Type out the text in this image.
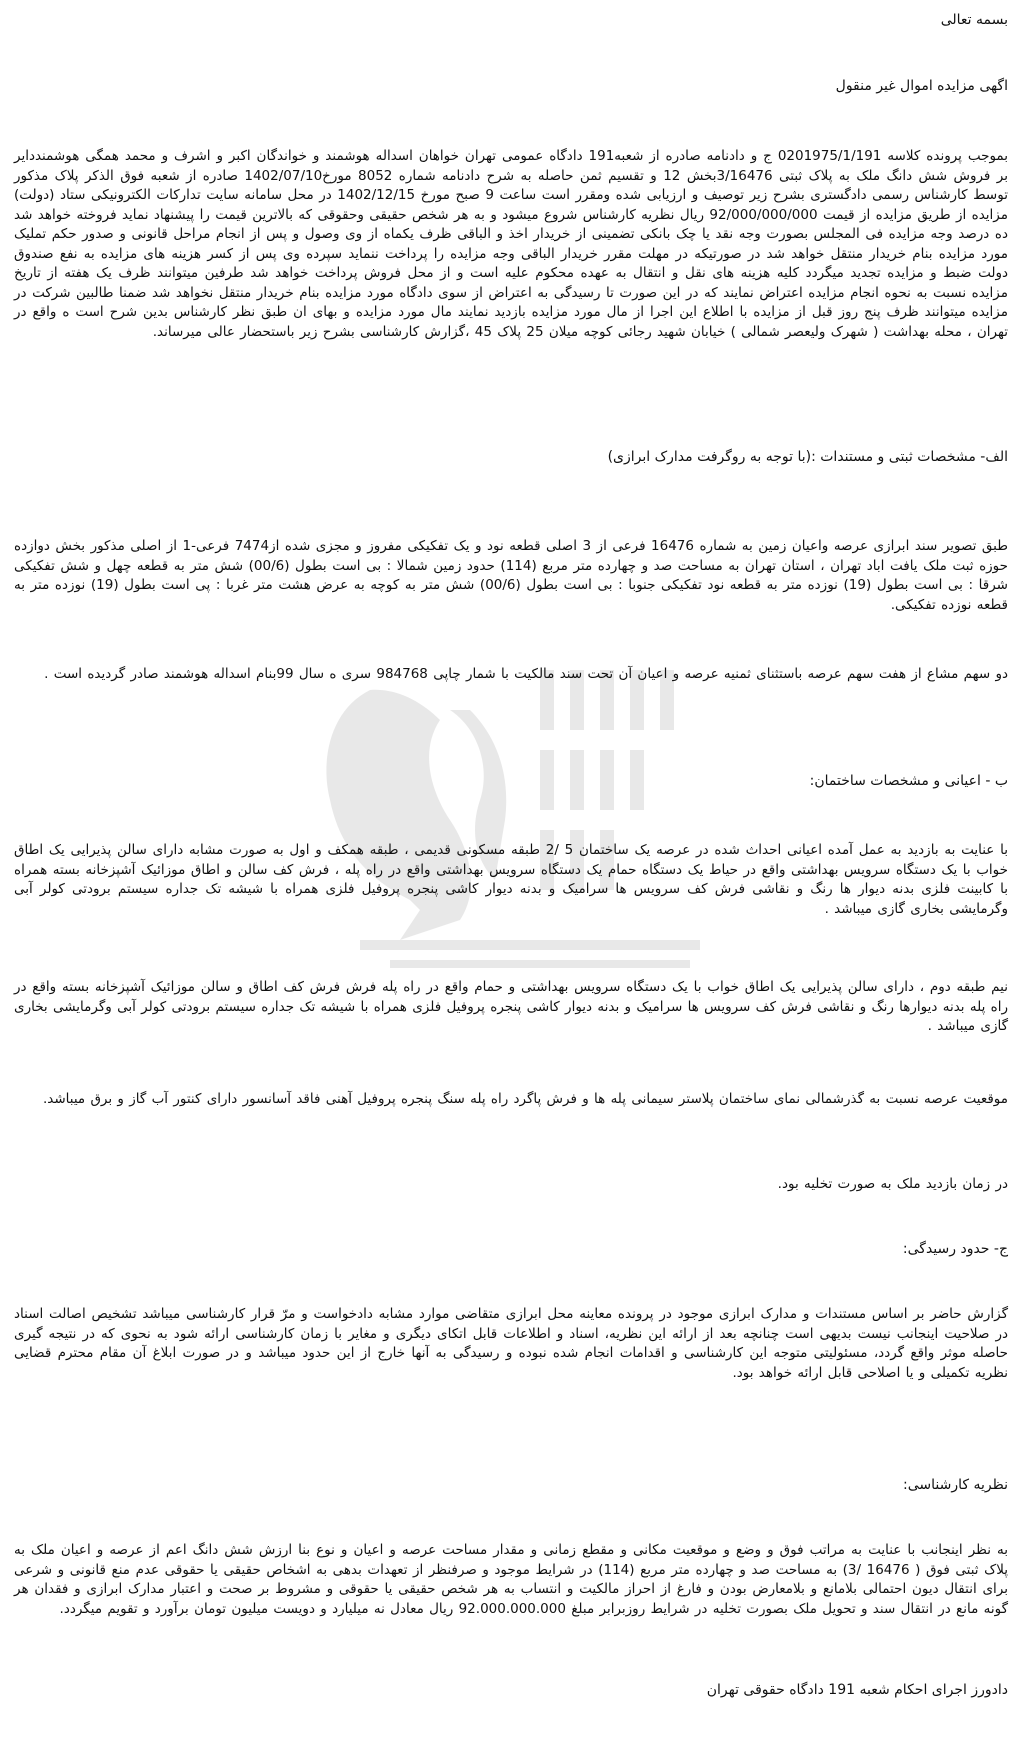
بسمه تعالی
اگهی مزایده اموال غیر منقول
بموجب پرونده کلاسه 0201975/1/191 ج و دادنامه صادره از شعبه191 دادگاه عمومی تهران خواهان اسداله هوشمند و خواندگان اکبر و اشرف و محمد همگی هوشمنددایر بر فروش شش دانگ ملک به پلاک ثبتی 3/16476بخش 12 و تقسیم ثمن حاصله به شرح دادنامه شماره 8052 مورخ1402/07/10 صادره از شعبه فوق الذکر پلاک مذکور توسط کارشناس رسمی دادگستری بشرح زیر توصیف و ارزیابی شده ومقرر است ساعت 9 صبح مورخ 1402/12/15 در محل سامانه سایت تدارکات الکترونیکی ستاد (دولت) مزایده از طریق مزایده از قیمت 92/000/000/000 ریال نظریه کارشناس شروع میشود و به هر شخص حقیقی وحقوقی که بالاترین قیمت را پیشنهاد نماید فروخته خواهد شد ده درصد وجه مزایده فی المجلس بصورت وجه نقد یا چک بانکی تضمینی از خریدار اخذ و الباقی ظرف یکماه از وی وصول و پس از انجام مراحل قانونی و صدور حکم تملیک مورد مزایده بنام خریدار منتقل خواهد شد در صورتیکه در مهلت مقرر خریدار الباقی وجه مزایده را پرداخت ننماید سپرده وی پس از کسر هزینه های مزایده به نفع صندوق دولت ضبط و مزایده تجدید میگردد کلیه هزینه های نقل و انتقال به عهده محکوم علیه است و از محل فروش پرداخت خواهد شد طرفین میتوانند ظرف یک هفته از تاریخ مزایده نسبت به نحوه انجام مزایده اعتراض نمایند که در این صورت تا رسیدگی به اعتراض از سوی دادگاه مورد مزایده بنام خریدار منتقل نخواهد شد ضمنا طالبین شرکت در مزایده میتوانند ظرف پنج روز قبل از مزایده با اطلاع این اجرا از مال مورد مزایده بازدید نمایند مال مورد مزایده و بهای ان طبق نظر کارشناس بدین شرح است ه واقع در تهران ، محله بهداشت ( شهرک ولیعصر شمالی ) خیابان شهید رجائی کوچه میلان 25 پلاک 45 ،گزارش کارشناسی بشرح زیر باستحضار عالی میرساند.
الف- مشخصات ثبتی و مستندات :(با توجه به روگرفت مدارک ابرازی)
طبق تصویر سند ابرازی عرصه واعیان زمین به شماره 16476 فرعی از 3 اصلی قطعه نود و یک تفکیکی مفروز و مجزی شده از7474 فرعی-1 از اصلی مذکور بخش دوازده حوزه ثبت ملک یافت اباد تهران ، استان تهران به مساحت صد و چهارده متر مربع (114) حدود زمین شمالا : بی است بطول (00/6) شش متر به قطعه چهل و شش تفکیکی شرقا : بی است بطول (19) نوزده متر به قطعه نود تفکیکی جنوبا : بی است بطول (00/6) شش متر به کوچه به عرض هشت متر غربا : پی است بطول (19) نوزده متر به قطعه نوزده تفکیکی.
دو سهم مشاع از هفت سهم عرصه باستثنای ثمنیه عرصه و اعیان آن تحت سند مالکیت با شمار چاپی 984768 سری ه سال 99بنام اسداله هوشمند صادر گردیده است .
ب - اعیانی و مشخصات ساختمان:
با عنایت به بازدید به عمل آمده اعیانی احداث شده در عرصه یک ساختمان 5 /2 طبقه مسکونی قدیمی ، طبقه همکف و اول به صورت مشابه دارای سالن پذیرایی یک اطاق خواب با یک دستگاه سرویس بهداشتی واقع در حیاط یک دستگاه حمام یک دستگاه سرویس بهداشتی واقع در راه پله ، فرش کف سالن و اطاق موزائیک آشپزخانه بسته همراه با کابینت فلزی بدنه دیوار ها رنگ و نقاشی فرش کف سرویس ها سرامیک و بدنه دیوار کاشی پنجره پروفیل فلزی همراه با شیشه تک جداره سیستم برودتی کولر آبی وگرمایشی بخاری گازی میباشد .
نیم طبقه دوم ، دارای سالن پذیرایی یک اطاق خواب با یک دستگاه سرویس بهداشتی و حمام واقع در راه پله فرش فرش کف اطاق و سالن موزائیک آشپزخانه بسته واقع در راه پله بدنه دیوارها رنگ و نقاشی فرش کف سرویس ها سرامیک و بدنه دیوار کاشی پنجره پروفیل فلزی همراه با شیشه تک جداره سیستم برودتی کولر آبی وگرمایشی بخاری گازی میباشد .
موقعیت عرصه نسبت به گذرشمالی نمای ساختمان پلاستر سیمانی پله ها و فرش پاگرد راه پله سنگ پنجره پروفیل آهنی فاقد آسانسور دارای کنتور آب گاز و برق میباشد.
در زمان بازدید ملک به صورت تخلیه بود.
ج- حدود رسیدگی:
گزارش حاضر بر اساس مستندات و مدارک ابرازی موجود در پرونده معاینه محل ابرازی متقاضی موارد مشابه دادخواست و مرّ قرار کارشناسی میباشد تشخیص اصالت اسناد در صلاحیت اینجانب نیست بدیهی است چنانچه بعد از ارائه این نظریه، اسناد و اطلاعات قابل اتکای دیگری و مغایر با زمان کارشناسی ارائه شود به نحوی که در نتیجه گیری حاصله موثر واقع گردد، مسئولیتی متوجه این کارشناسی و اقدامات انجام شده نبوده و رسیدگی به آنها خارج از این حدود میباشد و در صورت ابلاغ آن مقام محترم قضایی نظریه تکمیلی و یا اصلاحی قابل ارائه خواهد بود.
نظریه کارشناسی:
به نظر اینجانب با عنایت به مراتب فوق و وضع و موقعیت مکانی و مقطع زمانی و مقدار مساحت عرصه و اعیان و نوع بنا ارزش شش دانگ اعم از عرصه و اعیان ملک به پلاک ثبتی فوق ( 16476 /3) به مساحت صد و چهارده متر مربع (114) در شرایط موجود و صرفنظر از تعهدات بدهی به اشخاص حقیقی یا حقوقی عدم منع قانونی و شرعی برای انتقال دیون احتمالی بلامانع و بلامعارض بودن و فارغ از احراز مالکیت و انتساب به هر شخص حقیقی یا حقوقی و مشروط بر صحت و اعتبار مدارک ابرازی و فقدان هر گونه مانع در انتقال سند و تحویل ملک بصورت تخلیه در شرایط روزبرابر مبلغ 92.000.000.000 ریال معادل نه میلیارد و دویست میلیون تومان برآورد و تقویم میگردد.
دادورز اجرای احکام شعبه 191 دادگاه حقوقی تهران
